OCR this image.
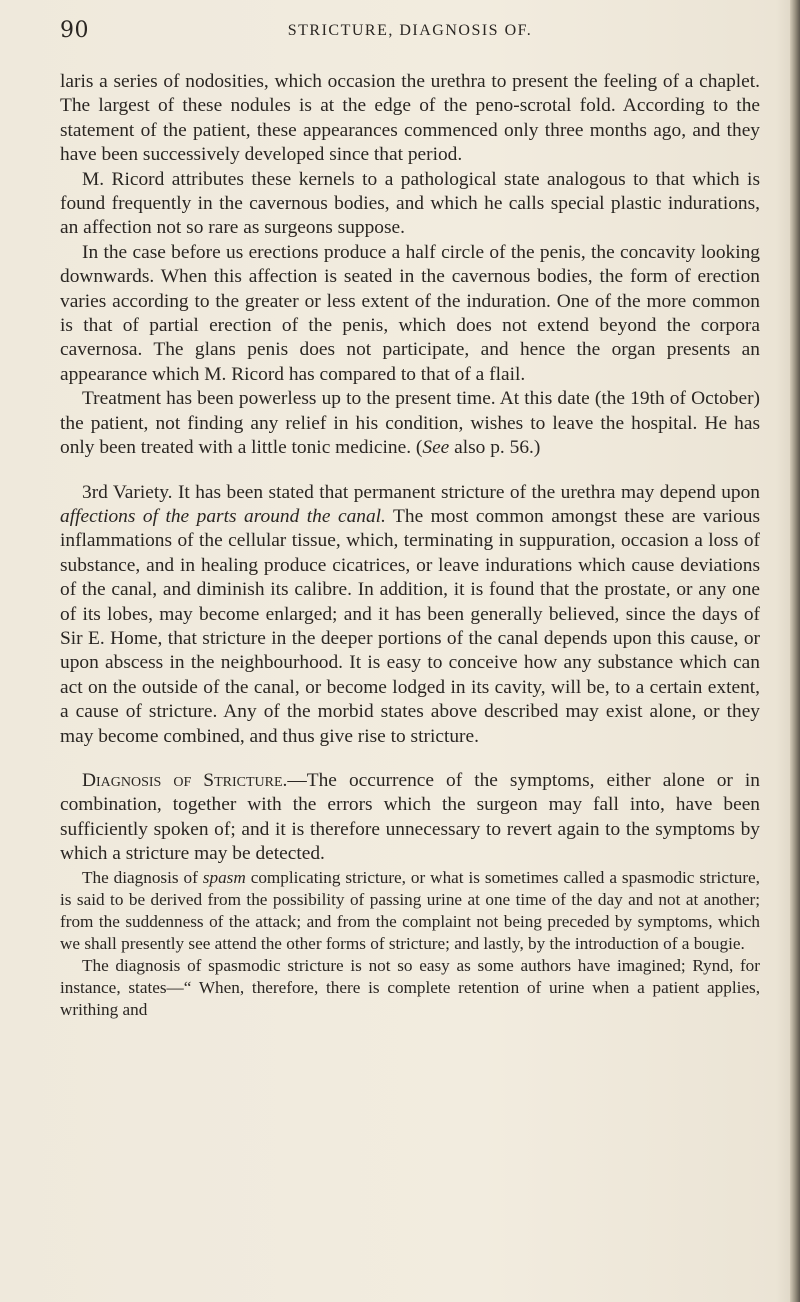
90	STRICTURE, DIAGNOSIS OF.

laris a series of nodosities, which occasion the urethra to present the feeling of a chaplet. The largest of these nodules is at the edge of the peno-scrotal fold. According to the statement of the patient, these appearances commenced only three months ago, and they have been successively developed since that period.

M. Ricord attributes these kernels to a pathological state analogous to that which is found frequently in the cavernous bodies, and which he calls special plastic indurations, an affection not so rare as surgeons suppose.

In the case before us erections produce a half circle of the penis, the concavity looking downwards. When this affection is seated in the cavernous bodies, the form of erection varies according to the greater or less extent of the induration. One of the more common is that of partial erection of the penis, which does not extend beyond the corpora cavernosa. The glans penis does not participate, and hence the organ presents an appearance which M. Ricord has compared to that of a flail.

Treatment has been powerless up to the present time. At this date (the 19th of October) the patient, not finding any relief in his condition, wishes to leave the hospital. He has only been treated with a little tonic medicine. (See also p. 56.)

3rd Variety. It has been stated that permanent stricture of the urethra may depend upon affections of the parts around the canal. The most common amongst these are various inflammations of the cellular tissue, which, terminating in suppuration, occasion a loss of substance, and in healing produce cicatrices, or leave indurations which cause deviations of the canal, and diminish its calibre. In addition, it is found that the prostate, or any one of its lobes, may become enlarged; and it has been generally believed, since the days of Sir E. Home, that stricture in the deeper portions of the canal depends upon this cause, or upon abscess in the neighbourhood. It is easy to conceive how any substance which can act on the outside of the canal, or become lodged in its cavity, will be, to a certain extent, a cause of stricture. Any of the morbid states above described may exist alone, or they may become combined, and thus give rise to stricture.

Diagnosis of Stricture.—The occurrence of the symptoms, either alone or in combination, together with the errors which the surgeon may fall into, have been sufficiently spoken of; and it is therefore unnecessary to revert again to the symptoms by which a stricture may be detected.

The diagnosis of spasm complicating stricture, or what is sometimes called a spasmodic stricture, is said to be derived from the possibility of passing urine at one time of the day and not at another; from the suddenness of the attack; and from the complaint not being preceded by symptoms, which we shall presently see attend the other forms of stricture; and lastly, by the introduction of a bougie.

The diagnosis of spasmodic stricture is not so easy as some authors have imagined; Rynd, for instance, states—“ When, therefore, there is complete retention of urine when a patient applies, writhing and
